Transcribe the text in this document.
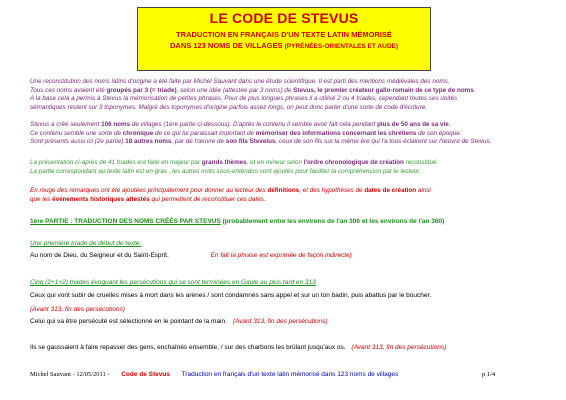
LE CODE DE STEVUS
TRADUCTION EN FRANÇAIS D'UN TEXTE LATIN MÉMORISÉ
DANS 123 NOMS DE VILLAGES (PYRÉNÉES-ORIENTALES ET AUDE)
Une reconstitution des noms latins d'origine a été faite par Michel Sauvant dans une étude scientifique. Il est parti des mentions médiévales des noms.
Tous ces noms avaient été groupés par 3 (= triade), selon une idée (attestée par 3 noms) de Stevus, le premier créateur gallo-romain de ce type de noms.
A la base cela a permis à Stevus la mémorisation de petites phrases. Pour de plus longues phrases il a utilisé 2 ou 4 triades, cependant toutes ses unités
sémantiques restent sur 3 toponymes. Malgré des toponymes d'origine parfois assez longs, on peut donc parler d'une sorte de code d'écriture.
Stevus a créé seulement 106 noms de villages (1ère partie ci-dessous). D'après le contenu il semble avoir fait cela pendant plus de 50 ans de sa vie.
Ce contenu semble une sorte de chronique de ce qui lui paraissait important de mémoriser des informations concernant les chrétiens de son époque.
Sont présents aussi ici (2e partie) 18 autres noms, par de l'œuvre de son fils Stevelus, ceux de son fils sur la même ère qui l'a tous éclairent sur l'œuvre de Stevus.
La présentation ci-après de 41 triades est faite en majeur par grands thèmes, et en mineur selon l'ordre chronologique de création reconstitué.
La partie correspondant au texte latin est en gras , les autres mots sous-entendus sont ajoutés pour faciliter la compréhension par le lecteur.
En rouge des remarques ont été ajoutées principalement pour donner au lecteur des définitions, et des hypothèses de dates de création ainsi
que les événements historiques attestés qui permettent de reconstituer ces dates.
1ère PARTIE : TRADUCTION DES NOMS CRÉÉS PAR STEVUS (probablement entre les environs de l'an 306 et les environs de l'an 360)
Une première triade de début de texte.
Au nom de Dieu, du Seigneur et du Saint-Esprit.	En fait la phrase est exprimée de façon indirecte)
Cinq (2+1+2) triades évoquant les persécutions qui se sont terminées en Gaule au plus tard en 313
Ceux qui vont subir de cruelles mises à mort dans les arènes / sont condamnés sans appel et sur un ton badin, puis abattus par le boucher.
(Avant 313, fin des persécutions)
Celui qui va être persécuté est sélectionné en le pointant de la main. (Avant 313, fin des persécutions)
Ils se gaussaient à faire repasser des gens, enchaînés ensemble, / sur des charbons les brûlant jusqu'aux os. (Avant 313, fin des persécutions)
Michel Sauvant - 12/05/2011 - Code de Stevus Traduction en français d'un texte latin mémorisé dans 123 noms de villages	p 1/4
